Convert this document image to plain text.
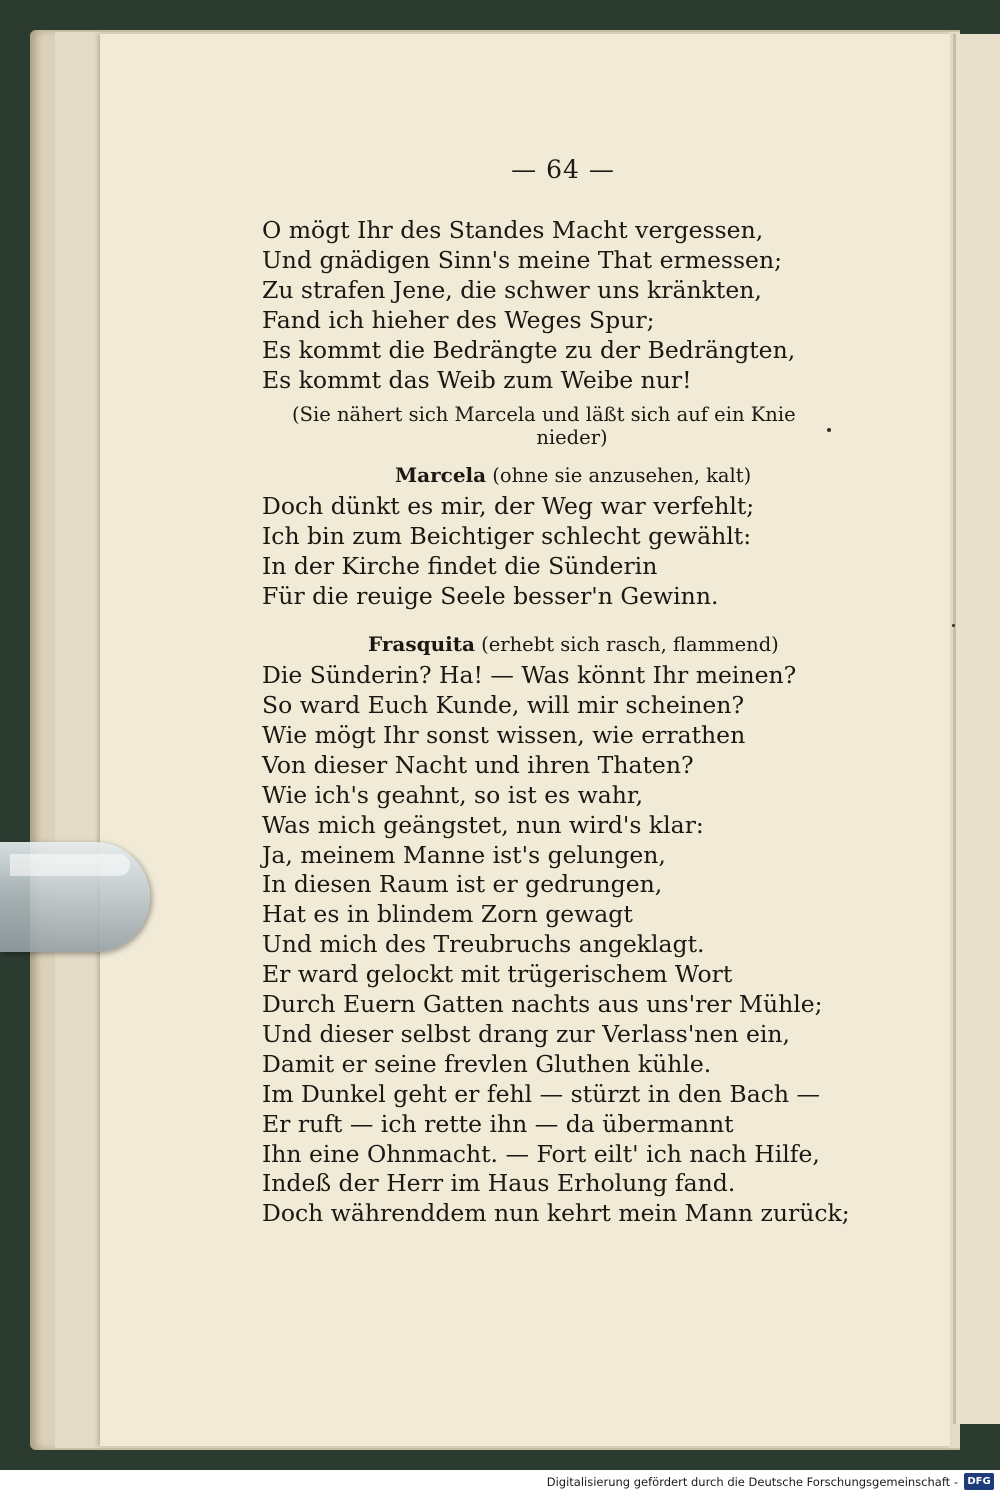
— 64 —

O mögt Ihr des Standes Macht vergessen,

Und gnädigen Sinn's meine That ermessen;

Zu strafen Jene, die schwer uns kränkten,

Fand ich hieher des Weges Spur;

Es kommt die Bedrängte zu der Bedrängten,

Es kommt das Weib zum Weibe nur!

(Sie nähert sich Marcela und läßt sich auf ein Knie
nieder)

Marcela (ohne sie anzusehen, kalt)

Doch dünkt es mir, der Weg war verfehlt;

Ich bin zum Beichtiger schlecht gewählt:

In der Kirche findet die Sünderin

Für die reuige Seele besser'n Gewinn.

Frasquita (erhebt sich rasch, flammend)

Die Sünderin? Ha! — Was könnt Ihr meinen?

So ward Euch Kunde, will mir scheinen?

Wie mögt Ihr sonst wissen, wie errathen

Von dieser Nacht und ihren Thaten?

Wie ich's geahnt, so ist es wahr,

Was mich geängstet, nun wird's klar:

Ja, meinem Manne ist's gelungen,

In diesen Raum ist er gedrungen,

Hat es in blindem Zorn gewagt

Und mich des Treubruchs angeklagt.

Er ward gelockt mit trügerischem Wort

Durch Euern Gatten nachts aus uns'rer Mühle;

Und dieser selbst drang zur Verlass'nen ein,

Damit er seine frevlen Gluthen kühle.

Im Dunkel geht er fehl — stürzt in den Bach —

Er ruft — ich rette ihn — da übermannt

Ihn eine Ohnmacht. — Fort eilt' ich nach Hilfe,

Indeß der Herr im Haus Erholung fand.

Doch währenddem nun kehrt mein Mann zurück;

Digitalisierung gefördert durch die Deutsche Forschungsgemeinschaft - DFG
